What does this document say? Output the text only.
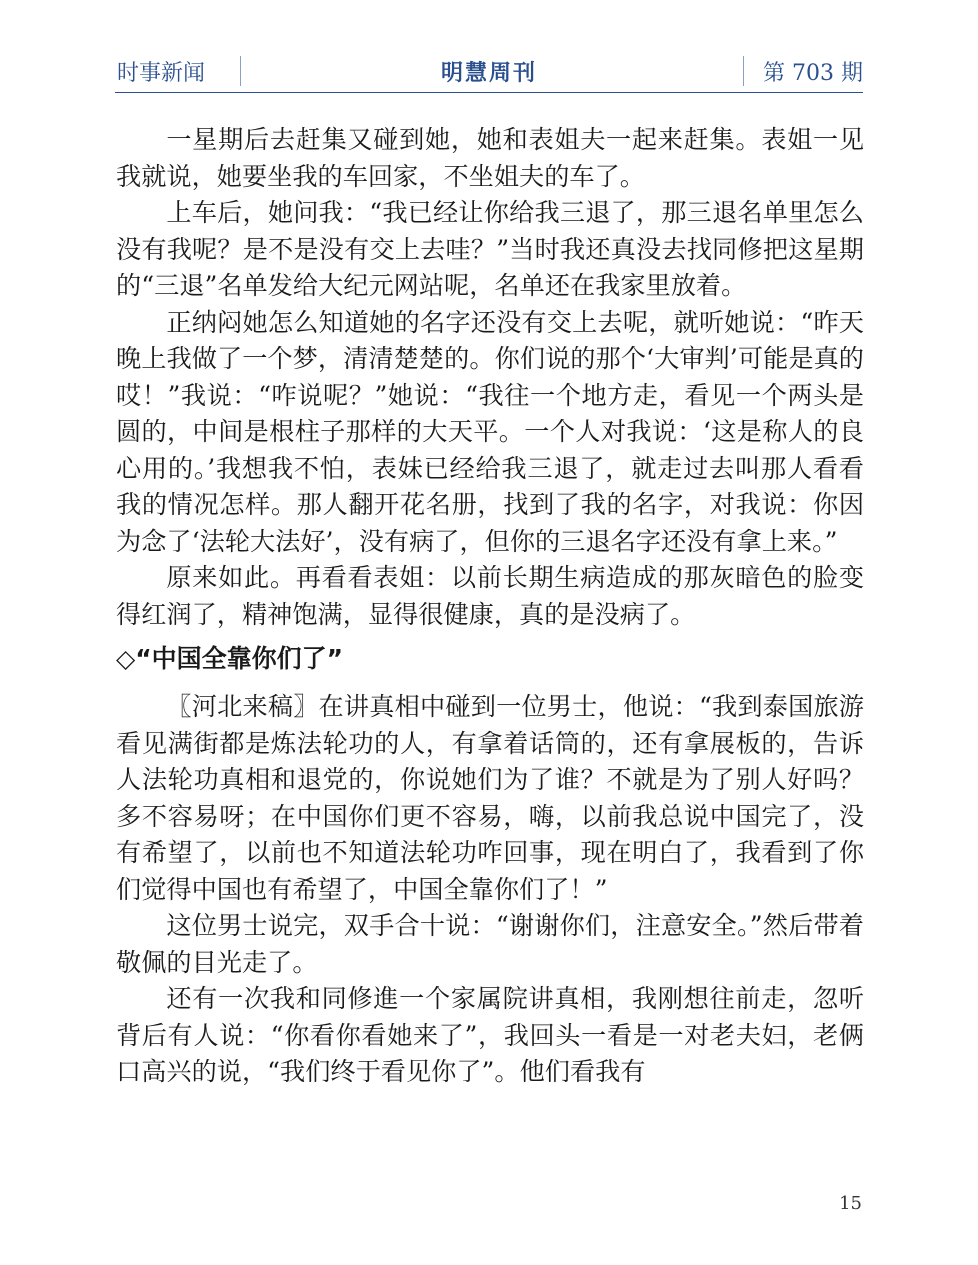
时事新闻	明慧周刊	第 703 期

一星期后去赶集又碰到她，她和表姐夫一起来赶集。表姐一见我就说，她要坐我的车回家，不坐姐夫的车了。

上车后，她问我：“我已经让你给我三退了，那三退名单里怎么没有我呢？是不是没有交上去哇？”当时我还真没去找同修把这星期的“三退”名单发给大纪元网站呢，名单还在我家里放着。

正纳闷她怎么知道她的名字还没有交上去呢，就听她说：“昨天晚上我做了一个梦，清清楚楚的。你们说的那个‘大审判’可能是真的哎！”我说：“咋说呢？”她说：“我往一个地方走，看见一个两头是圆的，中间是根柱子那样的大天平。一个人对我说：‘这是称人的良心用的。’我想我不怕，表妹已经给我三退了，就走过去叫那人看看我的情况怎样。那人翻开花名册，找到了我的名字，对我说：你因为念了‘法轮大法好’，没有病了，但你的三退名字还没有拿上来。”

原来如此。再看看表姐：以前长期生病造成的那灰暗色的脸变得红润了，精神饱满，显得很健康，真的是没病了。

◇“中国全靠你们了”

〖河北来稿〗在讲真相中碰到一位男士，他说：“我到泰国旅游看见满街都是炼法轮功的人，有拿着话筒的，还有拿展板的，告诉人法轮功真相和退党的，你说她们为了谁？不就是为了别人好吗？多不容易呀；在中国你们更不容易，嗨，以前我总说中国完了，没有希望了，以前也不知道法轮功咋回事，现在明白了，我看到了你们觉得中国也有希望了，中国全靠你们了！”

这位男士说完，双手合十说：“谢谢你们，注意安全。”然后带着敬佩的目光走了。

还有一次我和同修進一个家属院讲真相，我刚想往前走，忽听背后有人说：“你看你看她来了”，我回头一看是一对老夫妇，老俩口高兴的说，“我们终于看见你了”。他们看我有

15
